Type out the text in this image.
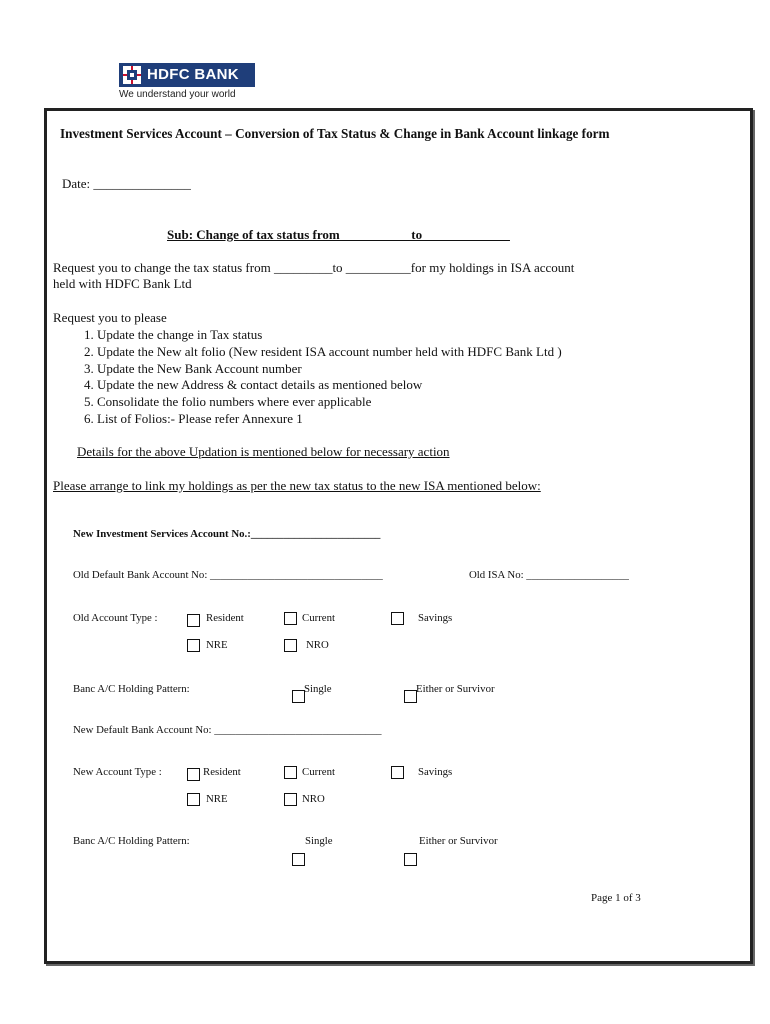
HDFC BANK
We understand your world
Investment Services Account – Conversion of Tax Status & Change in Bank Account linkage form
Date: _______________
Sub: Change of tax status from __________ to _____________
Request you to change the tax status from _________to __________for my holdings in ISA account
held with HDFC Bank Ltd
Request you to please
1. Update the change in Tax status
2. Update the New alt folio (New resident ISA account number held with HDFC Bank Ltd )
3. Update the New Bank Account number
4. Update the new Address & contact details as mentioned below
5. Consolidate the folio numbers where ever applicable
6. List of Folios:- Please refer Annexure 1
Details for the above Updation is mentioned below for necessary action
Please arrange to link my holdings as per the new tax status to the new ISA mentioned below:
New Investment Services Account No.:________________________
Old Default Bank Account No: ________________________________	Old ISA No: ___________________
Old Account Type :	Resident	Current	Savings
NRE	NRO
Banc A/C Holding Pattern:	Single	Either or Survivor
New Default Bank Account No: _______________________________
New Account Type :	Resident	Current	Savings
NRE	NRO
Banc A/C Holding Pattern:	Single	Either or Survivor
Page 1 of 3
